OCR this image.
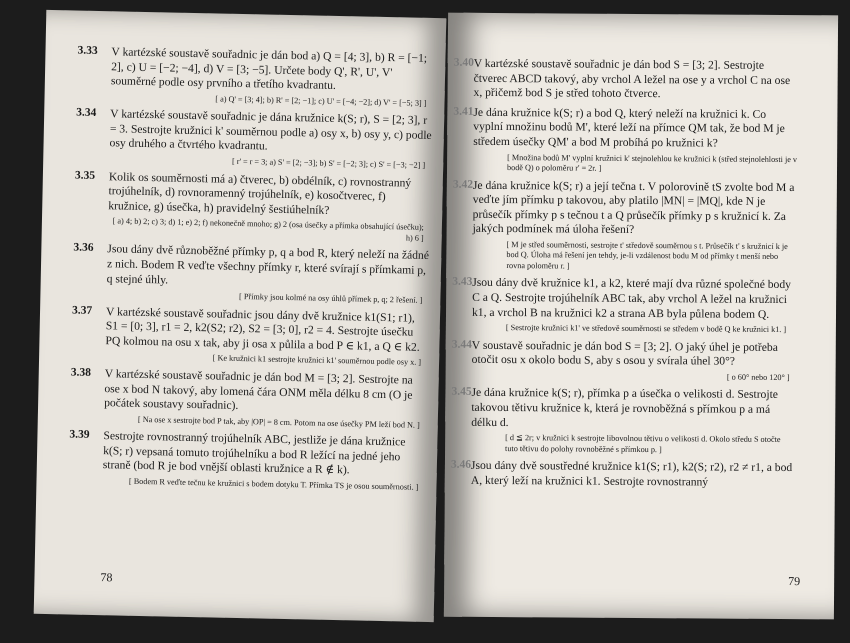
3.33 V kartézské soustavě souřadnic je dán bod a) Q = [4; 3], b) R = [−1; 2], c) U = [−2; −4], d) V = [3; −5]. Určete body Q', R', U', V' souměrné podle osy prvního a třetího kvadrantu.
[ a) Q' = [3; 4]; b) R' = [2; −1]; c) U' = [−4; −2]; d) V' = [−5; 3] ]
3.34 V kartézské soustavě souřadnic je dána kružnice k(S; r), S = [2; 3], r = 3. Sestrojte kružnici k' souměrnou podle a) osy x, b) osy y, c) podle osy druhého a čtvrtého kvadrantu.
[ r' = r = 3; a) S' = [2; −3]; b) S' = [−2; 3]; c) S' = [−3; −2] ]
3.35 Kolik os souměrnosti má a) čtverec, b) obdélník, c) rovnostranný trojúhelník, d) rovnoramenný trojúhelník, e) kosočtverec, f) kružnice, g) úsečka, h) pravidelný šestiúhelník?
[ a) 4; b) 2; c) 3; d) 1; e) 2; f) nekonečně mnoho; g) 2 (osa úsečky a přímka obsahující úsečku); h) 6 ]
3.36 Jsou dány dvě různoběžné přímky p, q a bod R, který neleží na žádné z nich. Bodem R veďte všechny přímky r, které svírají s přímkami p, q stejné úhly.
[ Přímky jsou kolmé na osy úhlů přímek p, q; 2 řešení. ]
3.37 V kartézské soustavě souřadnic jsou dány dvě kružnice k1(S1; r1), S1 = [0; 3], r1 = 2, k2(S2; r2), S2 = [3; 0], r2 = 4. Sestrojte úsečku PQ kolmou na osu x tak, aby ji osa x půlila a bod P ∈ k1, a Q ∈ k2.
[ Ke kružnici k1 sestrojte kružnici k1' souměrnou podle osy x. ]
3.38 V kartézské soustavě souřadnic je dán bod M = [3; 2]. Sestrojte na ose x bod N takový, aby lomená čára ONM měla délku 8 cm (O je počátek soustavy souřadnic).
[ Na ose x sestrojte bod P tak, aby |OP| = 8 cm. Potom na ose úsečky PM leží bod N. ]
3.39 Sestrojte rovnostranný trojúhelník ABC, jestliže je dána kružnice k(S; r) vepsaná tomuto trojúhelníku a bod R ležící na jedné jeho straně (bod R je bod vnější oblasti kružnice a R ∉ k).
[ Bodem R veďte tečnu ke kružnici s bodem dotyku T. Přímka TS je osou souměrnosti. ]
78
3.40 V kartézské soustavě souřadnic je dán bod S = [3; 2]. Sestrojte čtverec ABCD takový, aby vrchol A ležel na ose y a vrchol C na ose x, přičemž bod S je střed tohoto čtverce.
3.41 Je dána kružnice k(S; r) a bod Q, který neleží na kružnici k. Co vyplní množinu bodů M', které leží na přímce QM tak, že bod M je středem úsečky QM' a bod M probíhá po kružnici k?
[ Množina bodů M' vyplní kružnici k' stejnolehlou ke kružnici k (střed stejnolehlosti je v bodě Q) o poloměru r' = 2r. ]
3.42 Je dána kružnice k(S; r) a její tečna t. V polorovině tS zvolte bod M a veďte jím přímku p takovou, aby platilo |MN| = |MQ|, kde N je průsečík přímky p s tečnou t a Q průsečík přímky p s kružnicí k. Za jakých podmínek má úloha řešení?
[ M je střed souměrnosti, sestrojte t' středově souměrnou s t. Průsečík t' s kružnicí k je bod Q. Úloha má řešení jen tehdy, je-li vzdálenost bodu M od přímky t menší nebo rovna poloměru r. ]
3.43 Jsou dány dvě kružnice k1, a k2, které mají dva různé společné body C a Q. Sestrojte trojúhelník ABC tak, aby vrchol A ležel na kružnici k1, a vrchol B na kružnici k2 a strana AB byla půlena bodem Q.
[ Sestrojte kružnici k1' ve středově souměrnosti se středem v bodě Q ke kružnici k1. ]
3.44 V soustavě souřadnic je dán bod S = [3; 2]. O jaký úhel je potřeba otočit osu x okolo bodu S, aby s osou y svírala úhel 30°?
[ o 60° nebo 120° ]
3.45 Je dána kružnice k(S; r), přímka p a úsečka o velikosti d. Sestrojte takovou tětivu kružnice k, která je rovnoběžná s přímkou p a má délku d.
[ d ≦ 2r; v kružnici k sestrojte libovolnou tětivu o velikosti d. Okolo středu S otočte tuto tětivu do polohy rovnoběžné s přímkou p. ]
3.46 Jsou dány dvě soustředné kružnice k1(S; r1), k2(S; r2), r2 ≠ r1, a bod A, který leží na kružnici k1. Sestrojte rovnostranný
79
